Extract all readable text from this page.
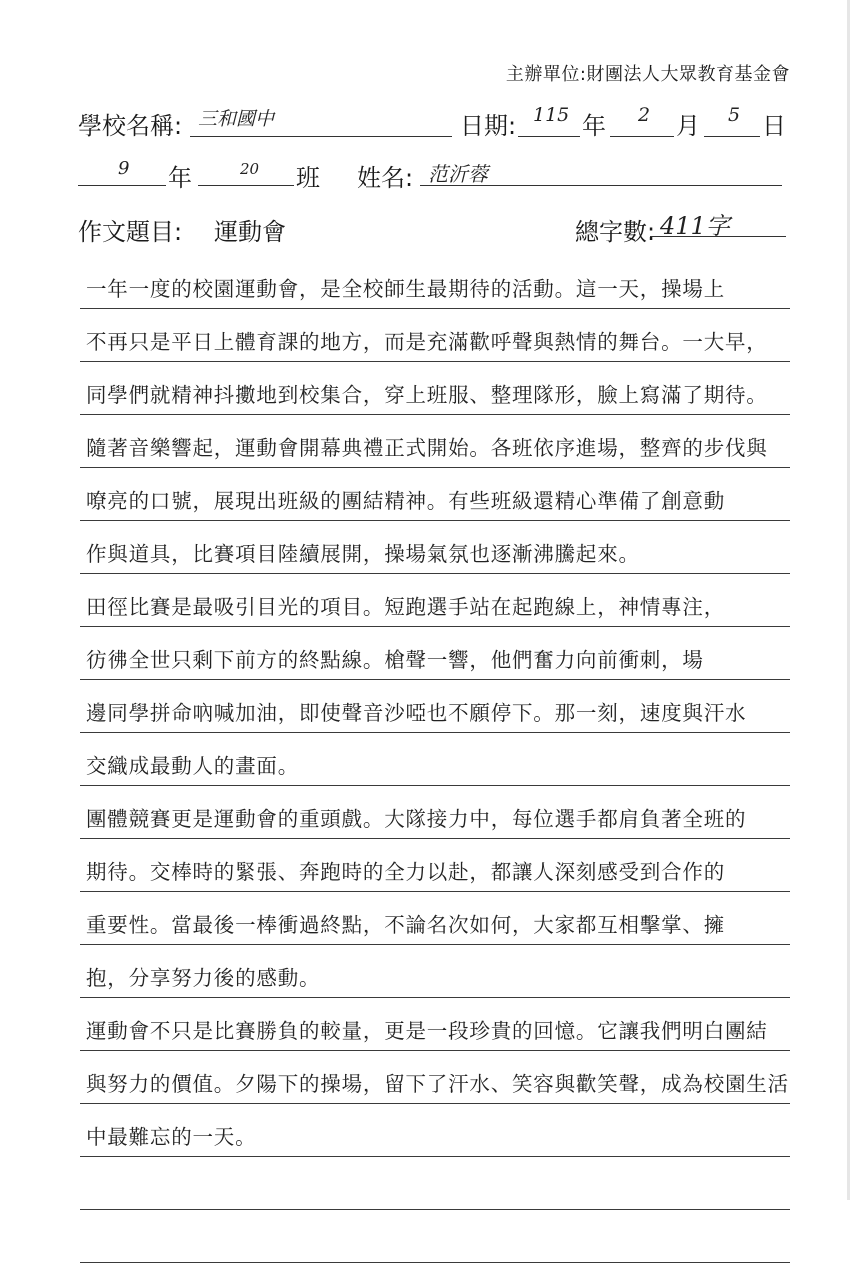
主辦單位:財團法人大眾教育基金會
學校名稱: 三和國中	日期: 115 年 2 月 5 日
9 年	20 班 姓名: 范沂蓉
作文題目: 運動會	總字數: 411字
一年一度的校園運動會，是全校師生最期待的活動。這一天，操場上
不再只是平日上體育課的地方，而是充滿歡呼聲與熱情的舞台。一大早，
同學們就精神抖擻地到校集合，穿上班服、整理隊形，臉上寫滿了期待。
隨著音樂響起，運動會開幕典禮正式開始。各班依序進場，整齊的步伐與
嘹亮的口號，展現出班級的團結精神。有些班級還精心準備了創意動
作與道具，比賽項目陸續展開，操場氣氛也逐漸沸騰起來。
田徑比賽是最吸引目光的項目。短跑選手站在起跑線上，神情專注，
彷彿全世只剩下前方的終點線。槍聲一響，他們奮力向前衝刺，場
邊同學拼命吶喊加油，即使聲音沙啞也不願停下。那一刻，速度與汗水
交織成最動人的畫面。
團體競賽更是運動會的重頭戲。大隊接力中，每位選手都肩負著全班的
期待。交棒時的緊張、奔跑時的全力以赴，都讓人深刻感受到合作的
重要性。當最後一棒衝過終點，不論名次如何，大家都互相擊掌、擁
抱，分享努力後的感動。
運動會不只是比賽勝負的較量，更是一段珍貴的回憶。它讓我們明白團結
與努力的價值。夕陽下的操場，留下了汗水、笑容與歡笑聲，成為校園生活
中最難忘的一天。
